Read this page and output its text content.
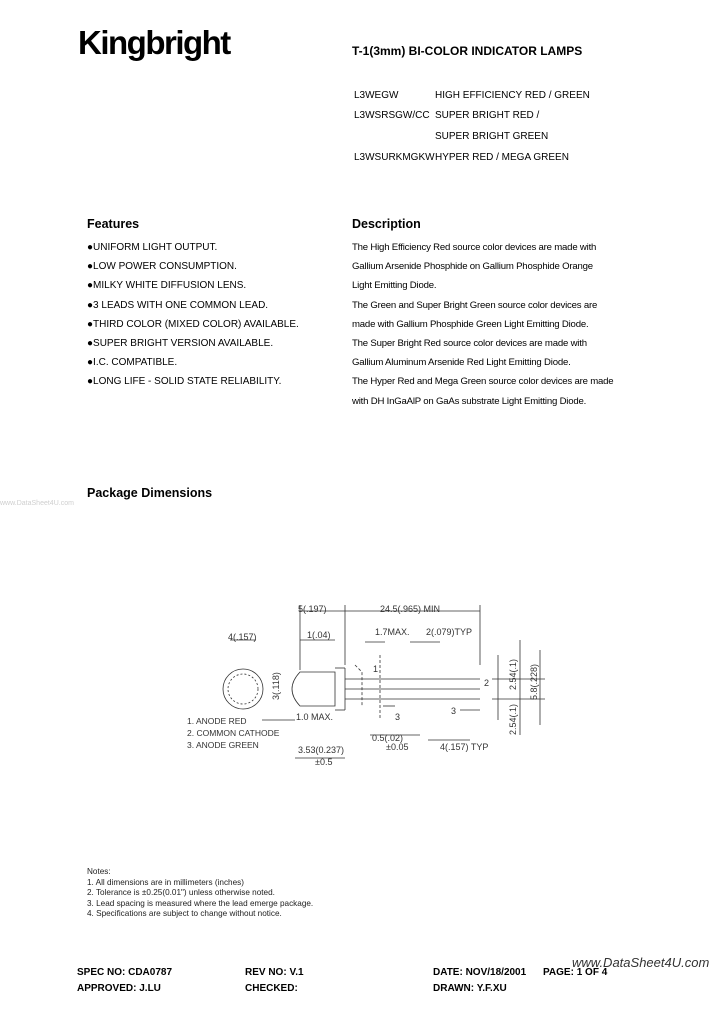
Kingbright	T-1(3mm) BI-COLOR INDICATOR LAMPS
L3WEGW	HIGH EFFICIENCY RED / GREEN
L3WSRSGW/CC SUPER BRIGHT RED /
SUPER BRIGHT GREEN
L3WSURKMGKW HYPER RED / MEGA GREEN
Features
●UNIFORM LIGHT OUTPUT.
●LOW POWER CONSUMPTION.
●MILKY WHITE DIFFUSION LENS.
●3 LEADS WITH ONE COMMON LEAD.
●THIRD COLOR (MIXED COLOR) AVAILABLE.
●SUPER BRIGHT VERSION AVAILABLE.
●I.C. COMPATIBLE.
●LONG LIFE - SOLID STATE RELIABILITY.
Description
The High Efficiency Red source color devices are made with
Gallium Arsenide Phosphide on Gallium Phosphide Orange
Light Emitting Diode.
The Green and Super Bright Green source color devices are
made with Gallium Phosphide Green Light Emitting Diode.
The Super Bright Red source color devices are made with
Gallium Aluminum Arsenide Red Light Emitting Diode.
The Hyper Red and Mega Green source color devices are made
with DH InGaAlP on GaAs substrate Light Emitting Diode.
www.DataSheet4U.com
Package Dimensions
5(.197)	24.5(.965) MIN
4(.157)	1(.04)	1.7MAX. 2(.079)TYP
1.0 MAX.
0.5(.02)
±0.05
3.53(0.237)
±0.5
4(.157) TYP
1
2
3
3
3(.118)
2.54(.1)
2.54(.1) 5.8(.228)
1. ANODE RED
2. COMMON CATHODE
3. ANODE GREEN
Notes:
1. All dimensions are in millimeters (inches)
2. Tolerance is ±0.25(0.01") unless otherwise noted.
3. Lead spacing is measured where the lead emerge package.
4. Specifications are subject to change without notice.
www.DataSheet4U.com
SPEC NO: CDA0787	REV NO: V.1	DATE: NOV/18/2001 PAGE: 1 OF 4
APPROVED: J.LU	CHECKED:	DRAWN: Y.F.XU
